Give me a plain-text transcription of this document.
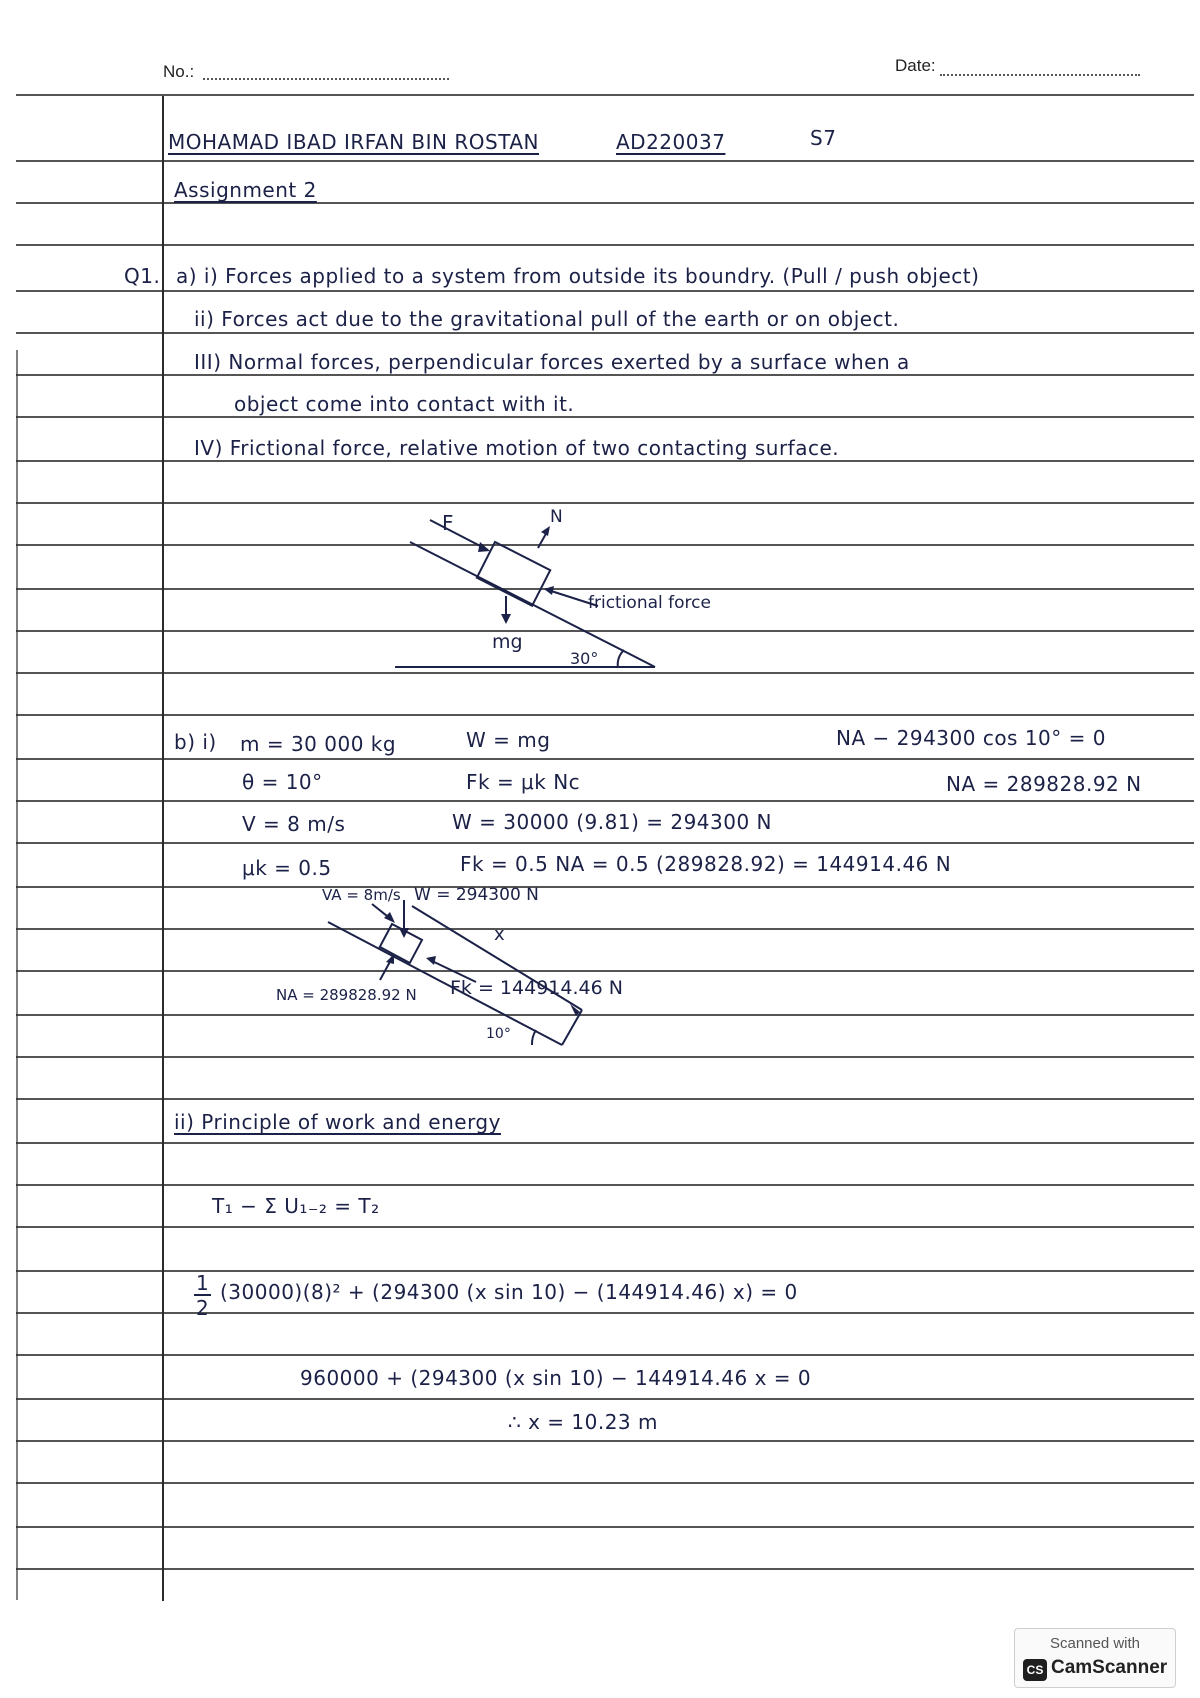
No.:	Date:
MOHAMAD IBAD IRFAN BIN ROSTAN	AD220037	S7
Assignment 2
Q1. a) i) Forces applied to a system from outside its boundry. (Pull / push object)
ii) Forces act due to the gravitational pull of the earth or on object.
III) Normal forces, perpendicular forces exerted by a surface when a
object come into contact with it.
IV) Frictional force, relative motion of two contacting surface.
F	N
mg
frictional force
30°
b) i) m = 30 000 kg
θ = 10°
V = 8 m/s
μk = 0.5
W = mg
Fk = μk Nc
W = 30000 (9.81) = 294300 N
Fk = 0.5 NA = 0.5 (289828.92) = 144914.46 N
NA − 294300 cos 10° = 0
NA = 289828.92 N
VA = 8m/s W = 294300 N
x
NA = 289828.92 N Fk = 144914.46 N
10°
ii) Principle of work and energy
T₁ − Σ U₁₋₂ = T₂
$\frac{1}{2} (30000)(8)^2 + (294300$ (x sin 10) − (144914.46) x) = 0
960000 + (294300 (x sin 10) − 144914.46 x = 0
∴ x = 10.23 m
Scanned with
CS CamScanner
